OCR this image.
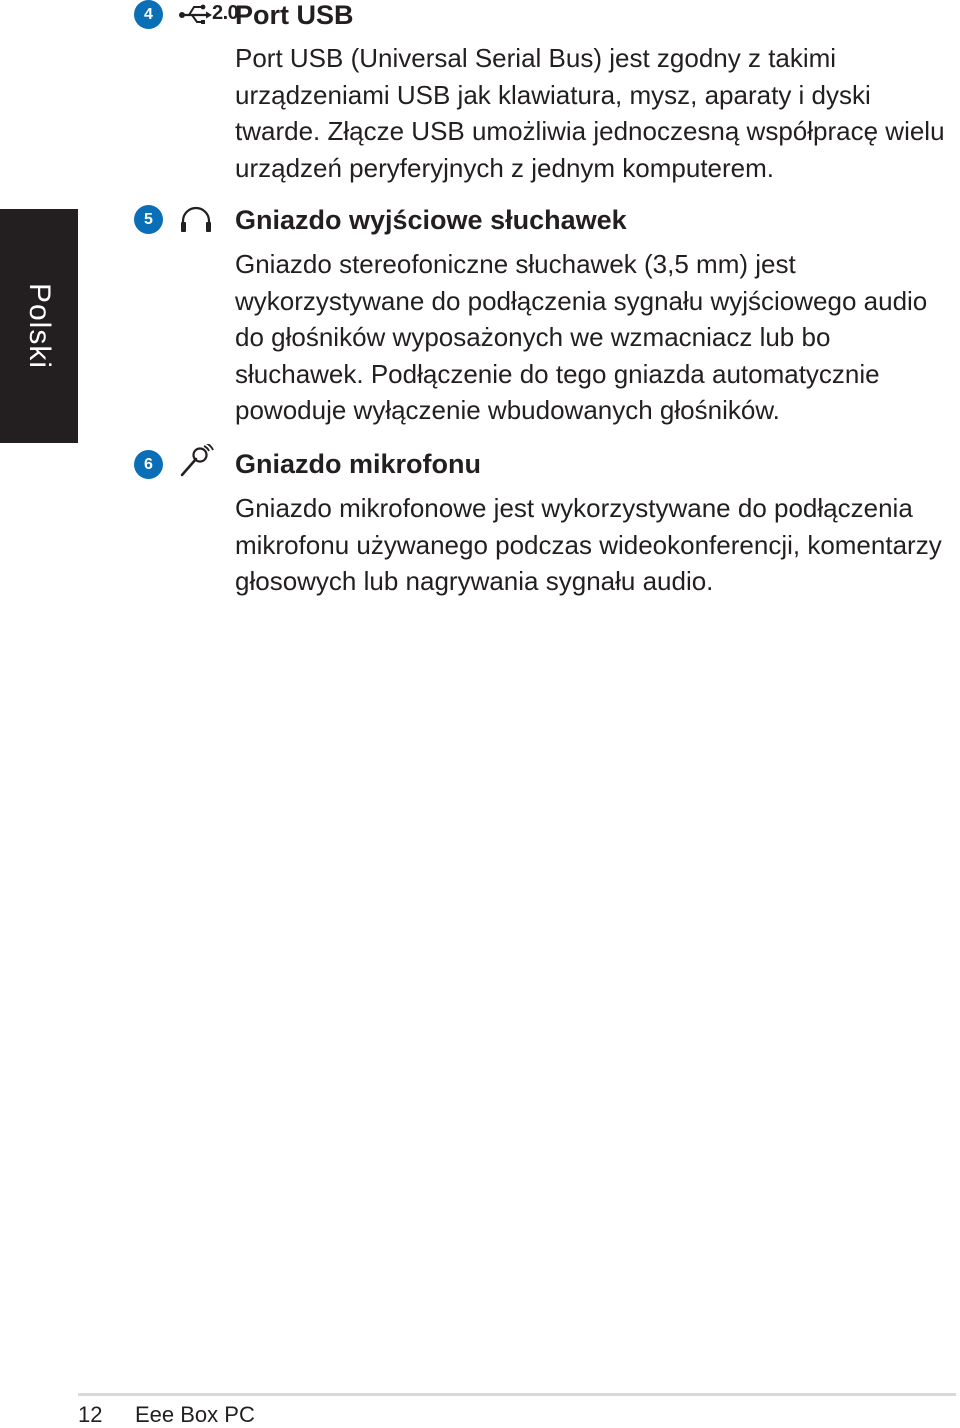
Polski
4	2.0
Port USB
Port USB (Universal Serial Bus) jest zgodny z takimi urządzeniami USB jak klawiatura, mysz, aparaty i dyski twarde. Złącze USB umożliwia jednoczesną współpracę wielu urządzeń peryferyjnych z jednym komputerem.
5	Gniazdo wyjściowe słuchawek
Gniazdo stereofoniczne słuchawek (3,5 mm) jest wykorzystywane do podłączenia sygnału wyjściowego audio do głośników wyposażonych we wzmacniacz lub bo słuchawek. Podłączenie do tego gniazda automatycznie powoduje wyłączenie wbudowanych głośników.
6	Gniazdo mikrofonu
Gniazdo mikrofonowe jest wykorzystywane do podłączenia mikrofonu używanego podczas wideokonferencji, komentarzy głosowych lub nagrywania sygnału audio.
12 Eee Box PC
